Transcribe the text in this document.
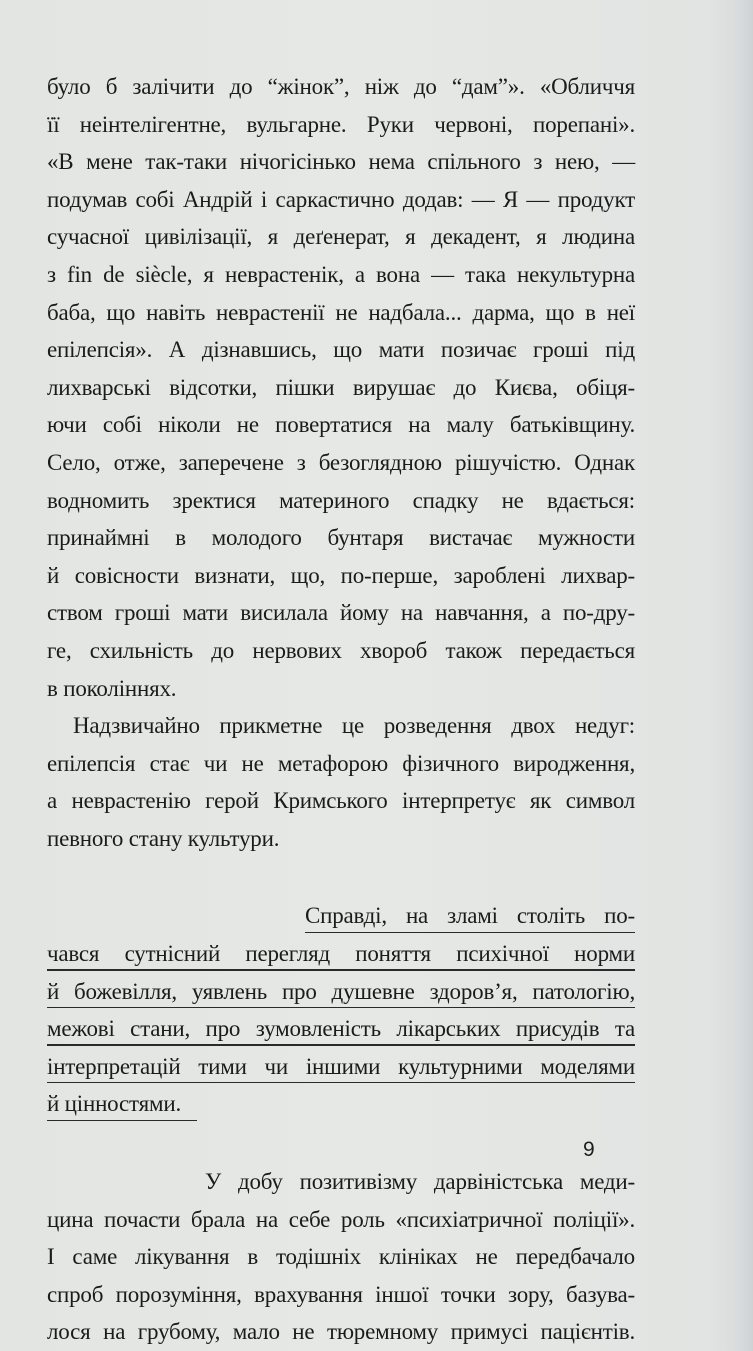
було б залічити до “жінок”, ніж до “дам”». «Обличчя
її неінтелігентне, вульгарне. Руки червоні, порепані».
«В мене так-таки нічогісінько нема спільного з нею, —
подумав собі Андрій і саркастично додав: — Я — продукт
сучасної цивілізації, я деґенерат, я декадент, я людина
з fin de siècle, я неврастенік, а вона — така некультурна
баба, що навіть неврастенії не надбала... дарма, що в неї
епілепсія». А дізнавшись, що мати позичає гроші під
лихварські відсотки, пішки вирушає до Києва, обіця-
ючи собі ніколи не повертатися на малу батьківщину.
Село, отже, заперечене з безоглядною рішучістю. Однак
водномить зректися материного спадку не вдається:
принаймні в молодого бунтаря вистачає мужности
й совісности визнати, що, по-перше, зароблені лихвар-
ством гроші мати висилала йому на навчання, а по-дру-
ге, схильність до нервових хвороб також передається
в поколіннях.
Надзвичайно прикметне це розведення двох недуг:
епілепсія стає чи не метафорою фізичного виродження,
а неврастенію герой Кримського інтерпретує як символ
певного стану культури.
Справді, на зламі століть по-
чався сутнісний перегляд поняття психічної норми
й божевілля, уявлень про душевне здоров’я, патологію,
межові стани, про зумовленість лікарських присудів та
інтерпретацій тими чи іншими культурними моделями
й цінностями.
У добу позитивізму дарвіністська меди-
цина почасти брала на себе роль «психіатричної поліції».
І саме лікування в тодішніх клініках не передбачало
спроб порозуміння, врахування іншої точки зору, базува-
лося на грубому, мало не тюремному примусі пацієнтів.
9
